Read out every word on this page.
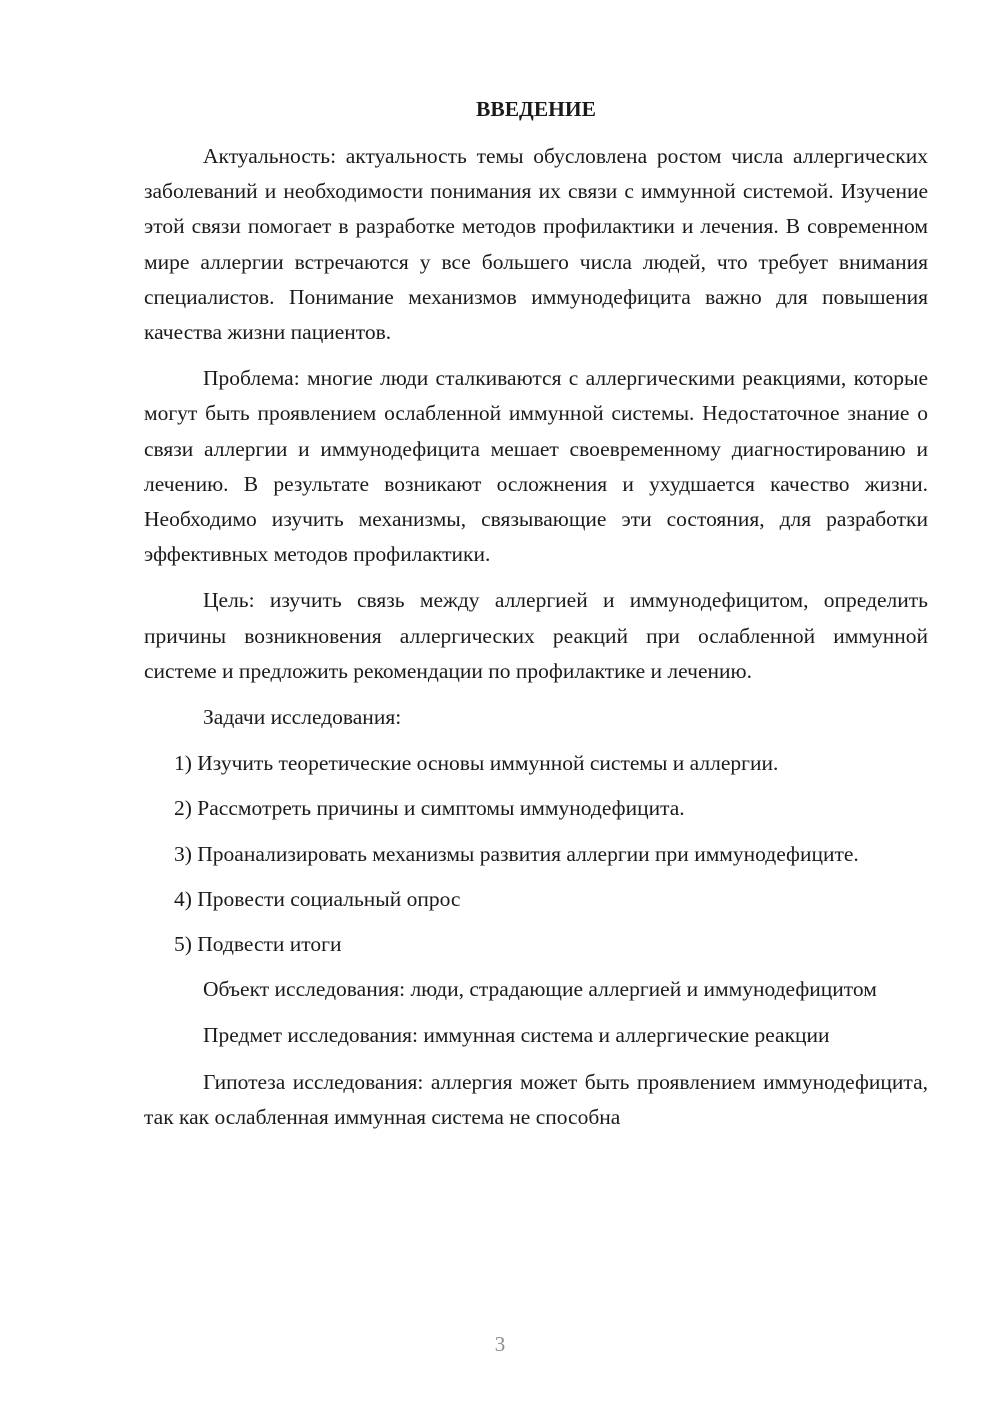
ВВЕДЕНИЕ

Актуальность: актуальность темы обусловлена ростом числа аллергических заболеваний и необходимости понимания их связи с иммунной системой. Изучение этой связи помогает в разработке методов профилактики и лечения. В современном мире аллергии встречаются у все большего числа людей, что требует внимания специалистов. Понимание механизмов иммунодефицита важно для повышения качества жизни пациентов.

Проблема: многие люди сталкиваются с аллергическими реакциями, которые могут быть проявлением ослабленной иммунной системы. Недостаточное знание о связи аллергии и иммунодефицита мешает своевременному диагностированию и лечению. В результате возникают осложнения и ухудшается качество жизни. Необходимо изучить механизмы, связывающие эти состояния, для разработки эффективных методов профилактики.

Цель: изучить связь между аллергией и иммунодефицитом, определить причины возникновения аллергических реакций при ослабленной иммунной системе и предложить рекомендации по профилактике и лечению.

Задачи исследования:

1) Изучить теоретические основы иммунной системы и аллергии.

2) Рассмотреть причины и симптомы иммунодефицита.

3) Проанализировать механизмы развития аллергии при иммунодефиците.

4) Провести социальный опрос

5) Подвести итоги

Объект исследования: люди, страдающие аллергией и иммунодефицитом

Предмет исследования: иммунная система и аллергические реакции

Гипотеза исследования: аллергия может быть проявлением иммунодефицита, так как ослабленная иммунная система не способна

3
